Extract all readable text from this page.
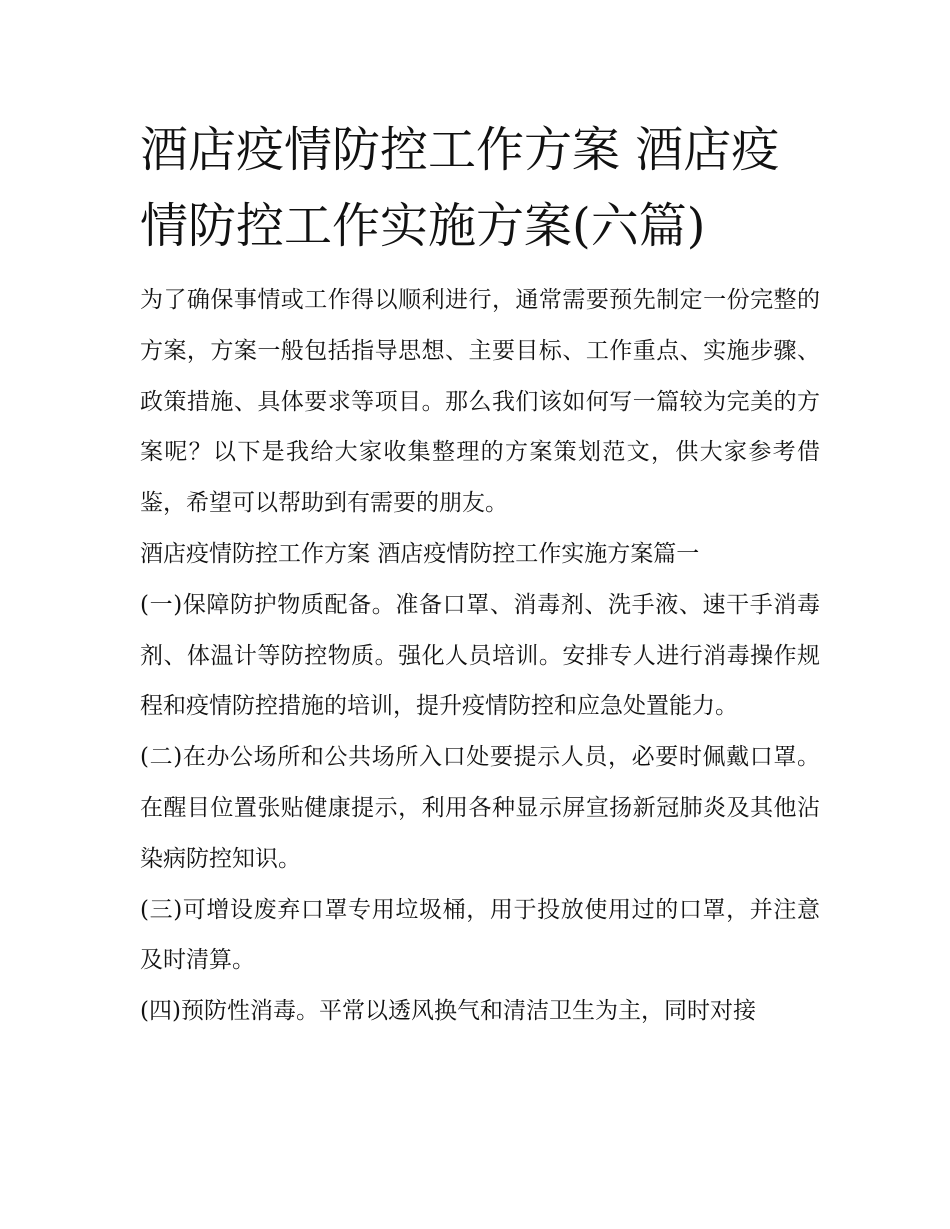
酒店疫情防控工作方案 酒店疫情防控工作实施方案(六篇)

为了确保事情或工作得以顺利进行，通常需要预先制定一份完整的方案，方案一般包括指导思想、主要目标、工作重点、实施步骤、政策措施、具体要求等项目。那么我们该如何写一篇较为完美的方案呢？以下是我给大家收集整理的方案策划范文，供大家参考借鉴，希望可以帮助到有需要的朋友。

酒店疫情防控工作方案 酒店疫情防控工作实施方案篇一

(一)保障防护物质配备。准备口罩、消毒剂、洗手液、速干手消毒剂、体温计等防控物质。强化人员培训。安排专人进行消毒操作规程和疫情防控措施的培训，提升疫情防控和应急处置能力。

(二)在办公场所和公共场所入口处要提示人员，必要时佩戴口罩。在醒目位置张贴健康提示，利用各种显示屏宣扬新冠肺炎及其他沾染病防控知识。

(三)可增设废弃口罩专用垃圾桶，用于投放使用过的口罩，并注意及时清算。

(四)预防性消毒。平常以透风换气和清洁卫生为主，同时对接
